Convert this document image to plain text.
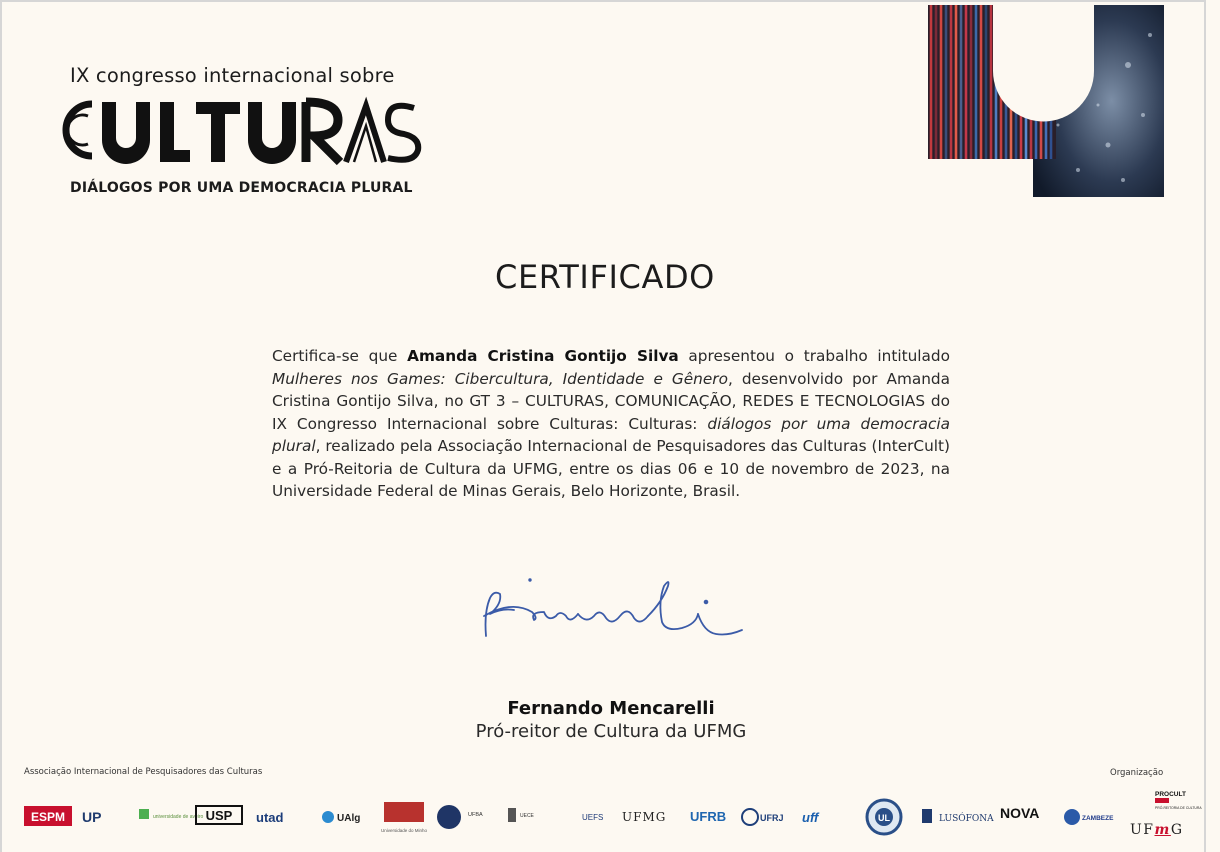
IX congresso internacional sobre
CULTURAS
DIÁLOGOS POR UMA DEMOCRACIA PLURAL
CERTIFICADO
Certifica-se que Amanda Cristina Gontijo Silva apresentou o trabalho intitulado Mulheres nos Games: Cibercultura, Identidade e Gênero, desenvolvido por Amanda Cristina Gontijo Silva, no GT 3 – CULTURAS, COMUNICAÇÃO, REDES E TECNOLOGIAS do IX Congresso Internacional sobre Culturas: Culturas: diálogos por uma democracia plural, realizado pela Associação Internacional de Pesquisadores das Culturas (InterCult) e a Pró-Reitoria de Cultura da UFMG, entre os dias 06 e 10 de novembro de 2023, na Universidade Federal de Minas Gerais, Belo Horizonte, Brasil.
Fernando Mencarelli
Pró-reitor de Cultura da UFMG
Associação Internacional de Pesquisadores das Culturas	Organização
ESPM UP	universidade de aveiro USP utad	UAlg
Universidade do Minho
UFBA	UECE	UEFS UFMG UFRB	UFRJ uff	UL	LUSÓFONA NOVA	ZAMBEZE
PROCULT
PRÓ-REITORIA DE CULTURA
UFmG
